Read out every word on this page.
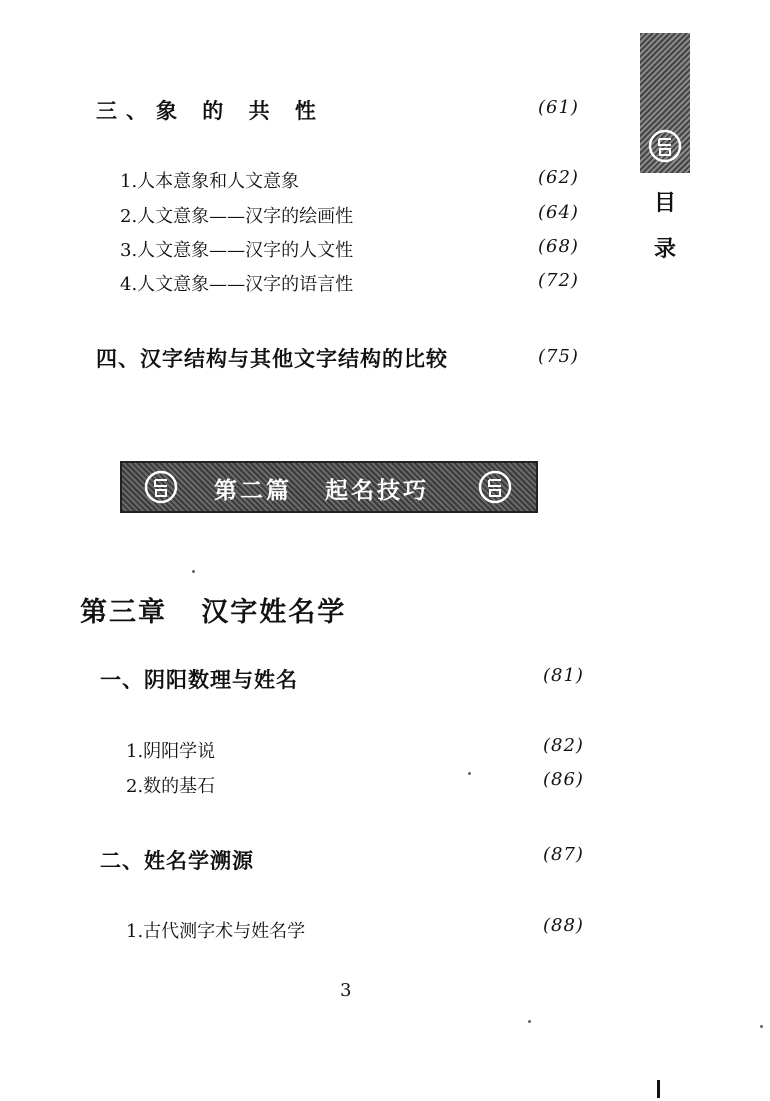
目
录
三、象 的 共 性	(61)
1.人本意象和人文意象	(62)
2.人文意象——汉字的绘画性	(64)
3.人文意象——汉字的人文性	(68)
4.人文意象——汉字的语言性	(72)
四、汉字结构与其他文字结构的比较	(75)
第二篇   起名技巧
第三章   汉字姓名学
一、阴阳数理与姓名	(81)
1.阴阳学说	(82)
2.数的基石	(86)
二、姓名学溯源	(87)
1.古代测字术与姓名学	(88)
3
